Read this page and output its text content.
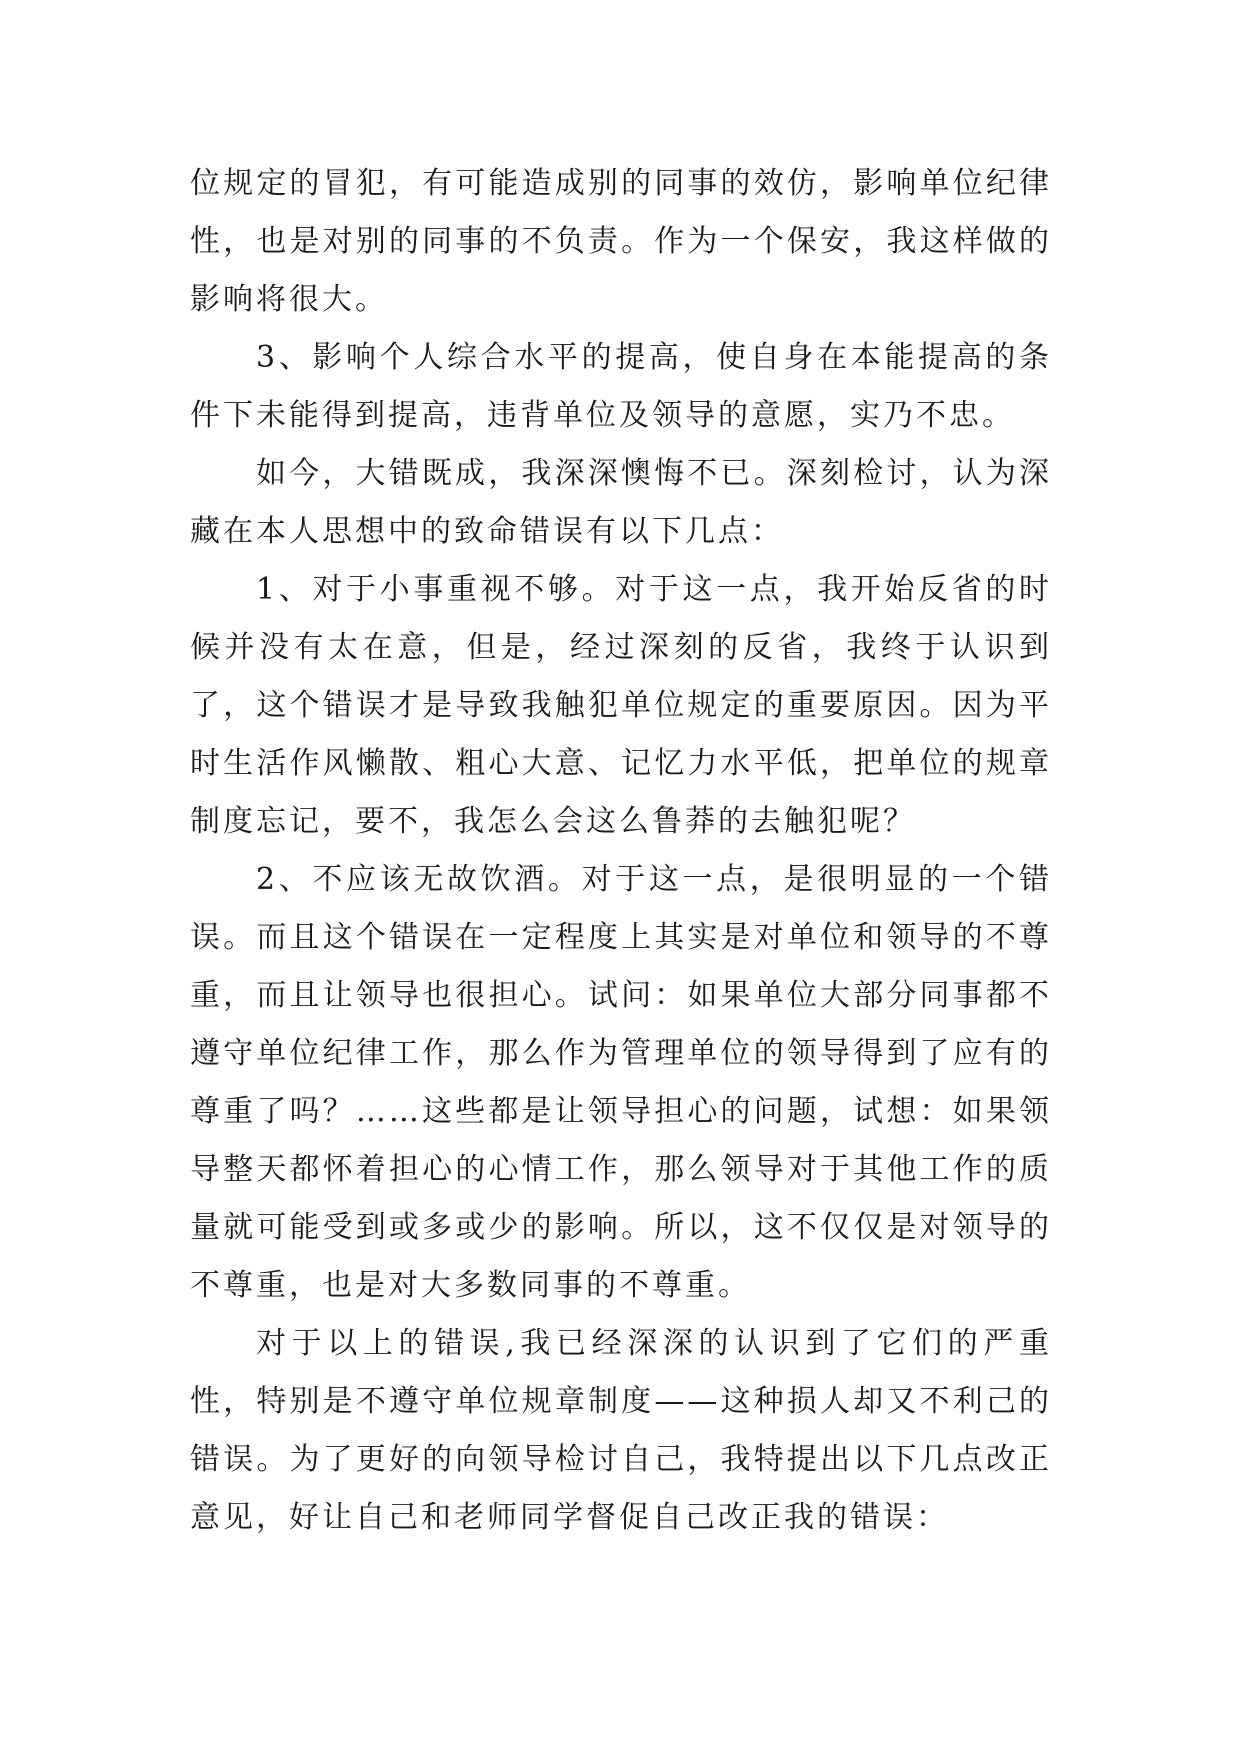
位规定的冒犯，有可能造成别的同事的效仿，影响单位纪律性，也是对别的同事的不负责。作为一个保安，我这样做的影响将很大。

3、影响个人综合水平的提高，使自身在本能提高的条件下未能得到提高，违背单位及领导的意愿，实乃不忠。

如今，大错既成，我深深懊悔不已。深刻检讨，认为深藏在本人思想中的致命错误有以下几点：

1、对于小事重视不够。对于这一点，我开始反省的时候并没有太在意，但是，经过深刻的反省，我终于认识到了，这个错误才是导致我触犯单位规定的重要原因。因为平时生活作风懒散、粗心大意、记忆力水平低，把单位的规章制度忘记，要不，我怎么会这么鲁莽的去触犯呢？

2、不应该无故饮酒。对于这一点，是很明显的一个错误。而且这个错误在一定程度上其实是对单位和领导的不尊重，而且让领导也很担心。试问：如果单位大部分同事都不遵守单位纪律工作，那么作为管理单位的领导得到了应有的尊重了吗？……这些都是让领导担心的问题，试想：如果领导整天都怀着担心的心情工作，那么领导对于其他工作的质量就可能受到或多或少的影响。所以，这不仅仅是对领导的不尊重，也是对大多数同事的不尊重。

对于以上的错误,我已经深深的认识到了它们的严重性，特别是不遵守单位规章制度——这种损人却又不利己的错误。为了更好的向领导检讨自己，我特提出以下几点改正意见，好让自己和老师同学督促自己改正我的错误：
